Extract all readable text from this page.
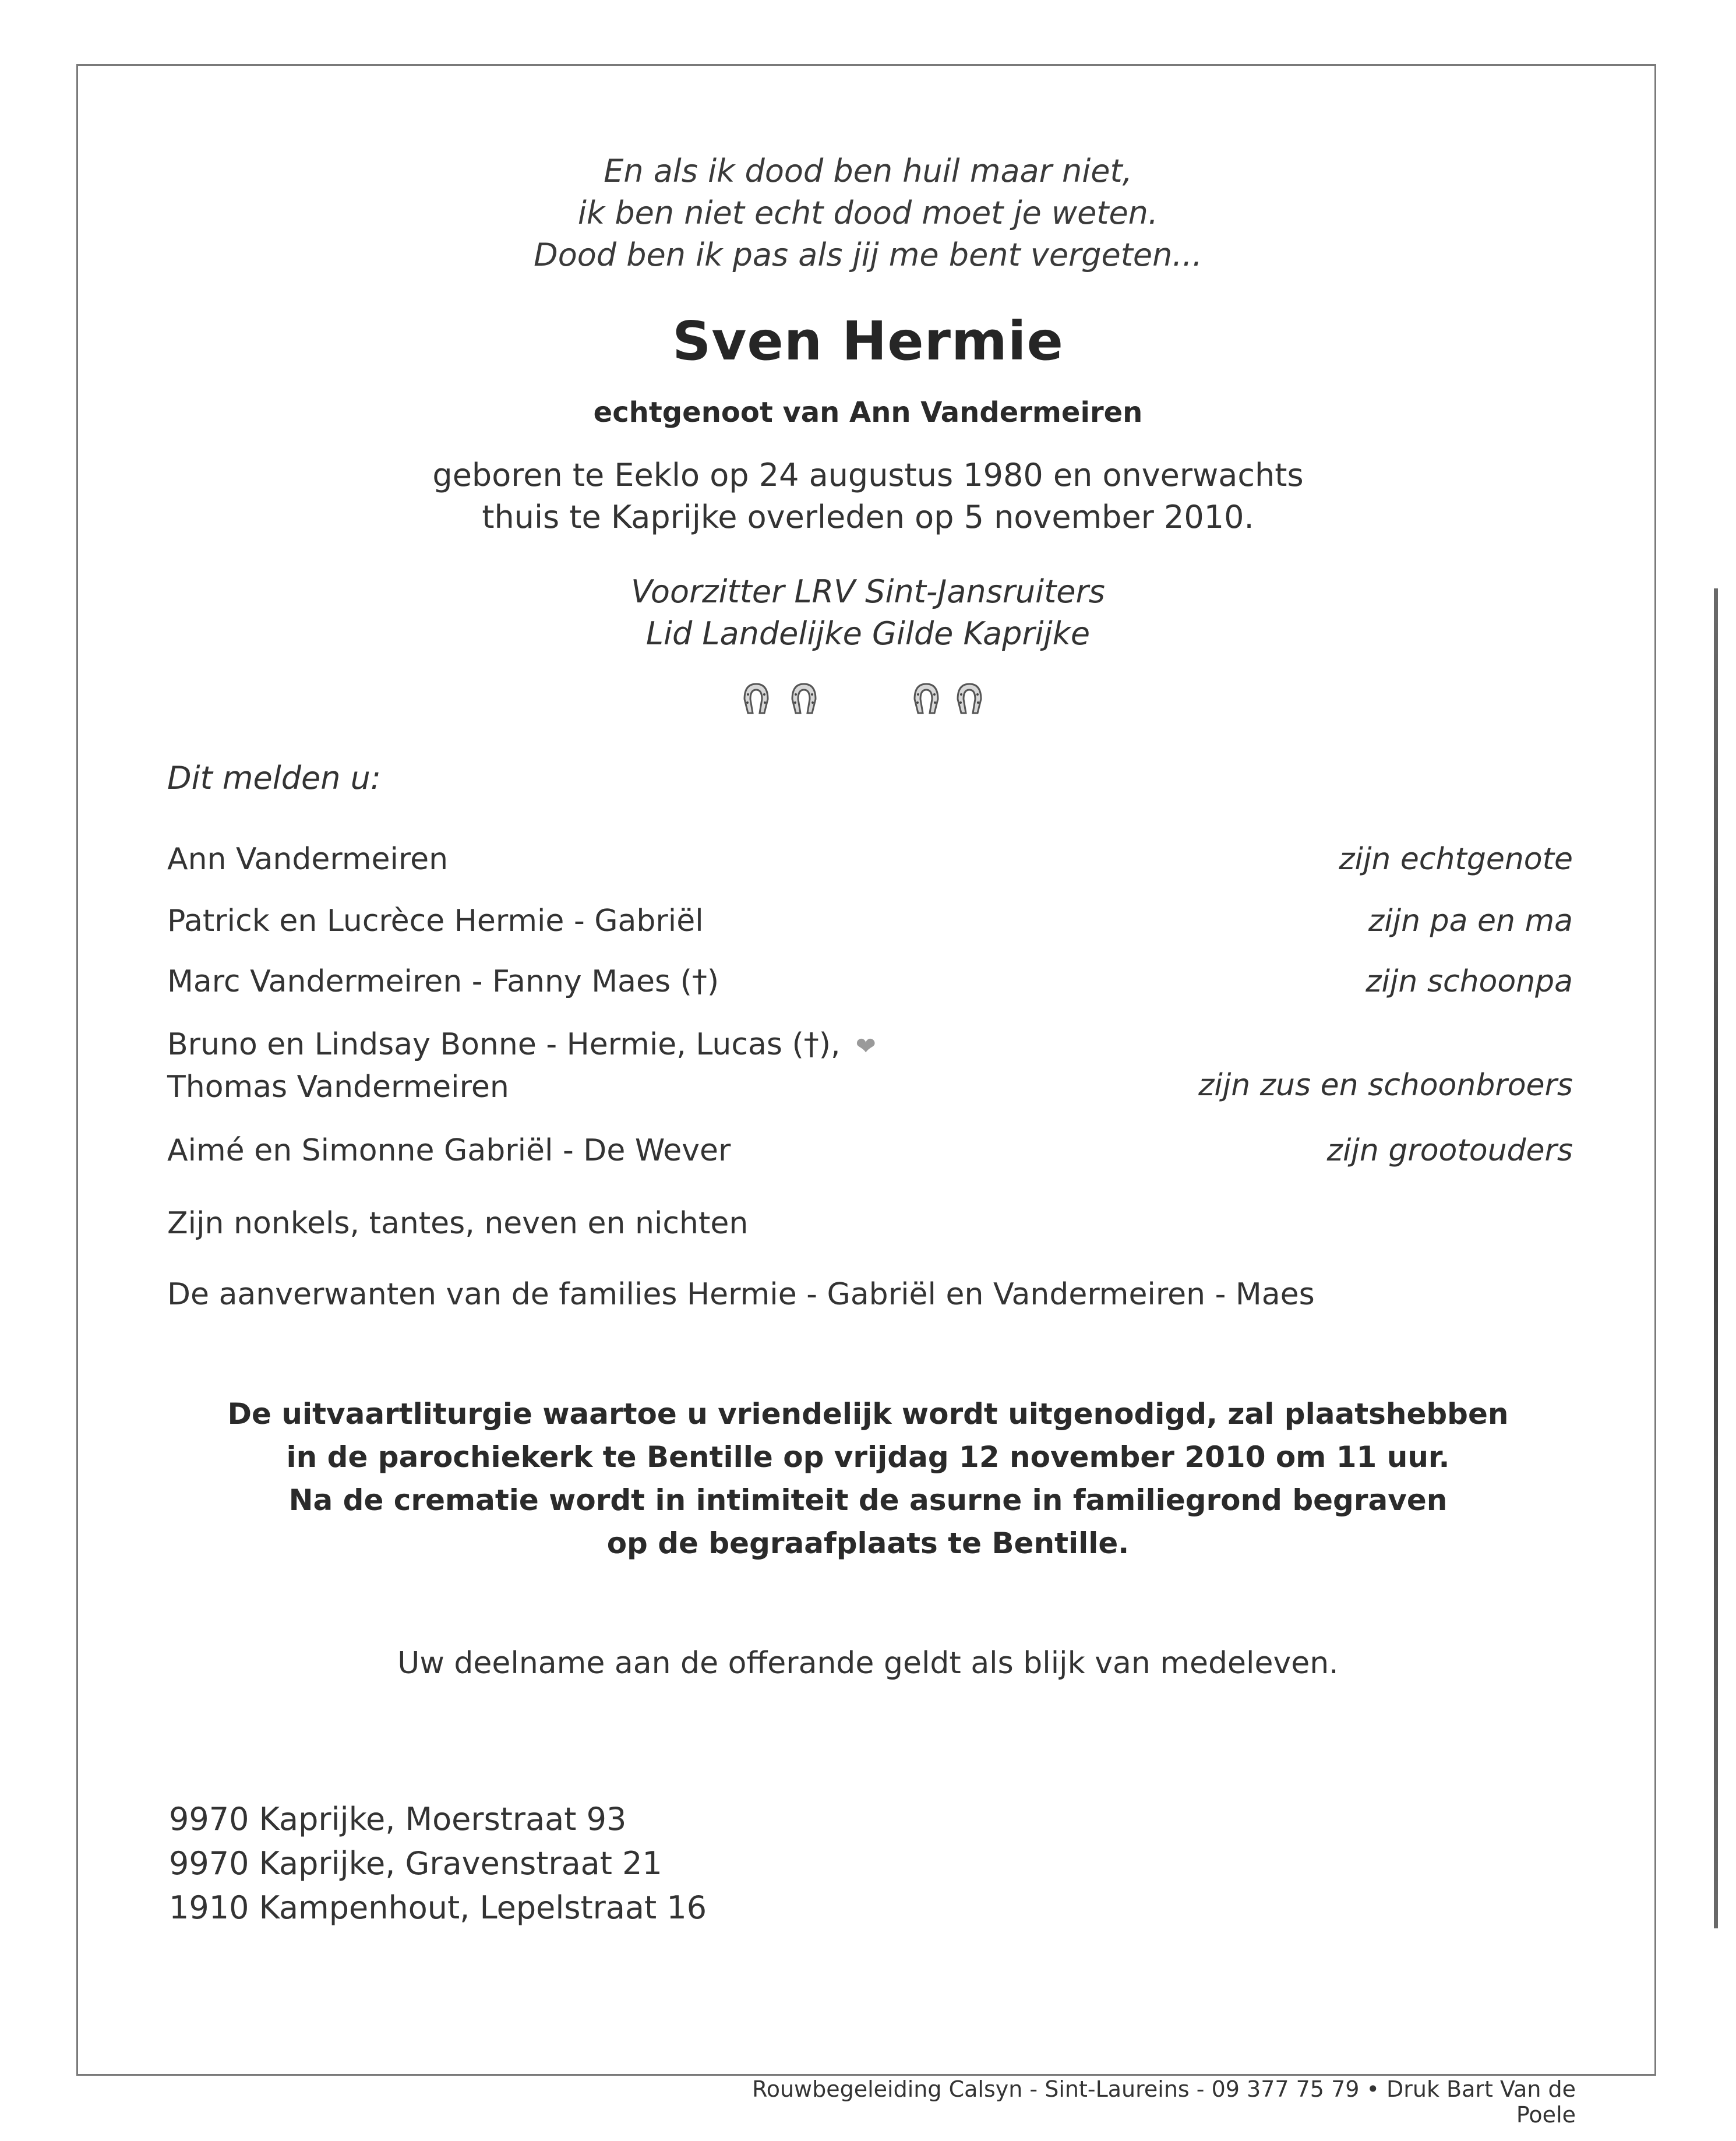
En als ik dood ben huil maar niet,
ik ben niet echt dood moet je weten.
Dood ben ik pas als jij me bent vergeten...
Sven Hermie
echtgenoot van Ann Vandermeiren
geboren te Eeklo op 24 augustus 1980 en onverwachts
thuis te Kaprijke overleden op 5 november 2010.
Voorzitter LRV Sint-Jansruiters
Lid Landelijke Gilde Kaprijke
Dit melden u:
Ann Vandermeiren	zijn echtgenote
Patrick en Lucrèce Hermie - Gabriël	zijn pa en ma
Marc Vandermeiren - Fanny Maes (†)	zijn schoonpa
Bruno en Lindsay Bonne - Hermie, Lucas (†), ❤
Thomas Vandermeiren	zijn zus en schoonbroers
Aimé en Simonne Gabriël - De Wever	zijn grootouders
Zijn nonkels, tantes, neven en nichten
De aanverwanten van de families Hermie - Gabriël en Vandermeiren - Maes
De uitvaartliturgie waartoe u vriendelijk wordt uitgenodigd, zal plaatshebben
in de parochiekerk te Bentille op vrijdag 12 november 2010 om 11 uur.
Na de crematie wordt in intimiteit de asurne in familiegrond begraven
op de begraafplaats te Bentille.
Uw deelname aan de offerande geldt als blijk van medeleven.
9970 Kaprijke, Moerstraat 93
9970 Kaprijke, Gravenstraat 21
1910 Kampenhout, Lepelstraat 16
Rouwbegeleiding Calsyn - Sint-Laureins - 09 377 75 79 • Druk Bart Van de Poele
